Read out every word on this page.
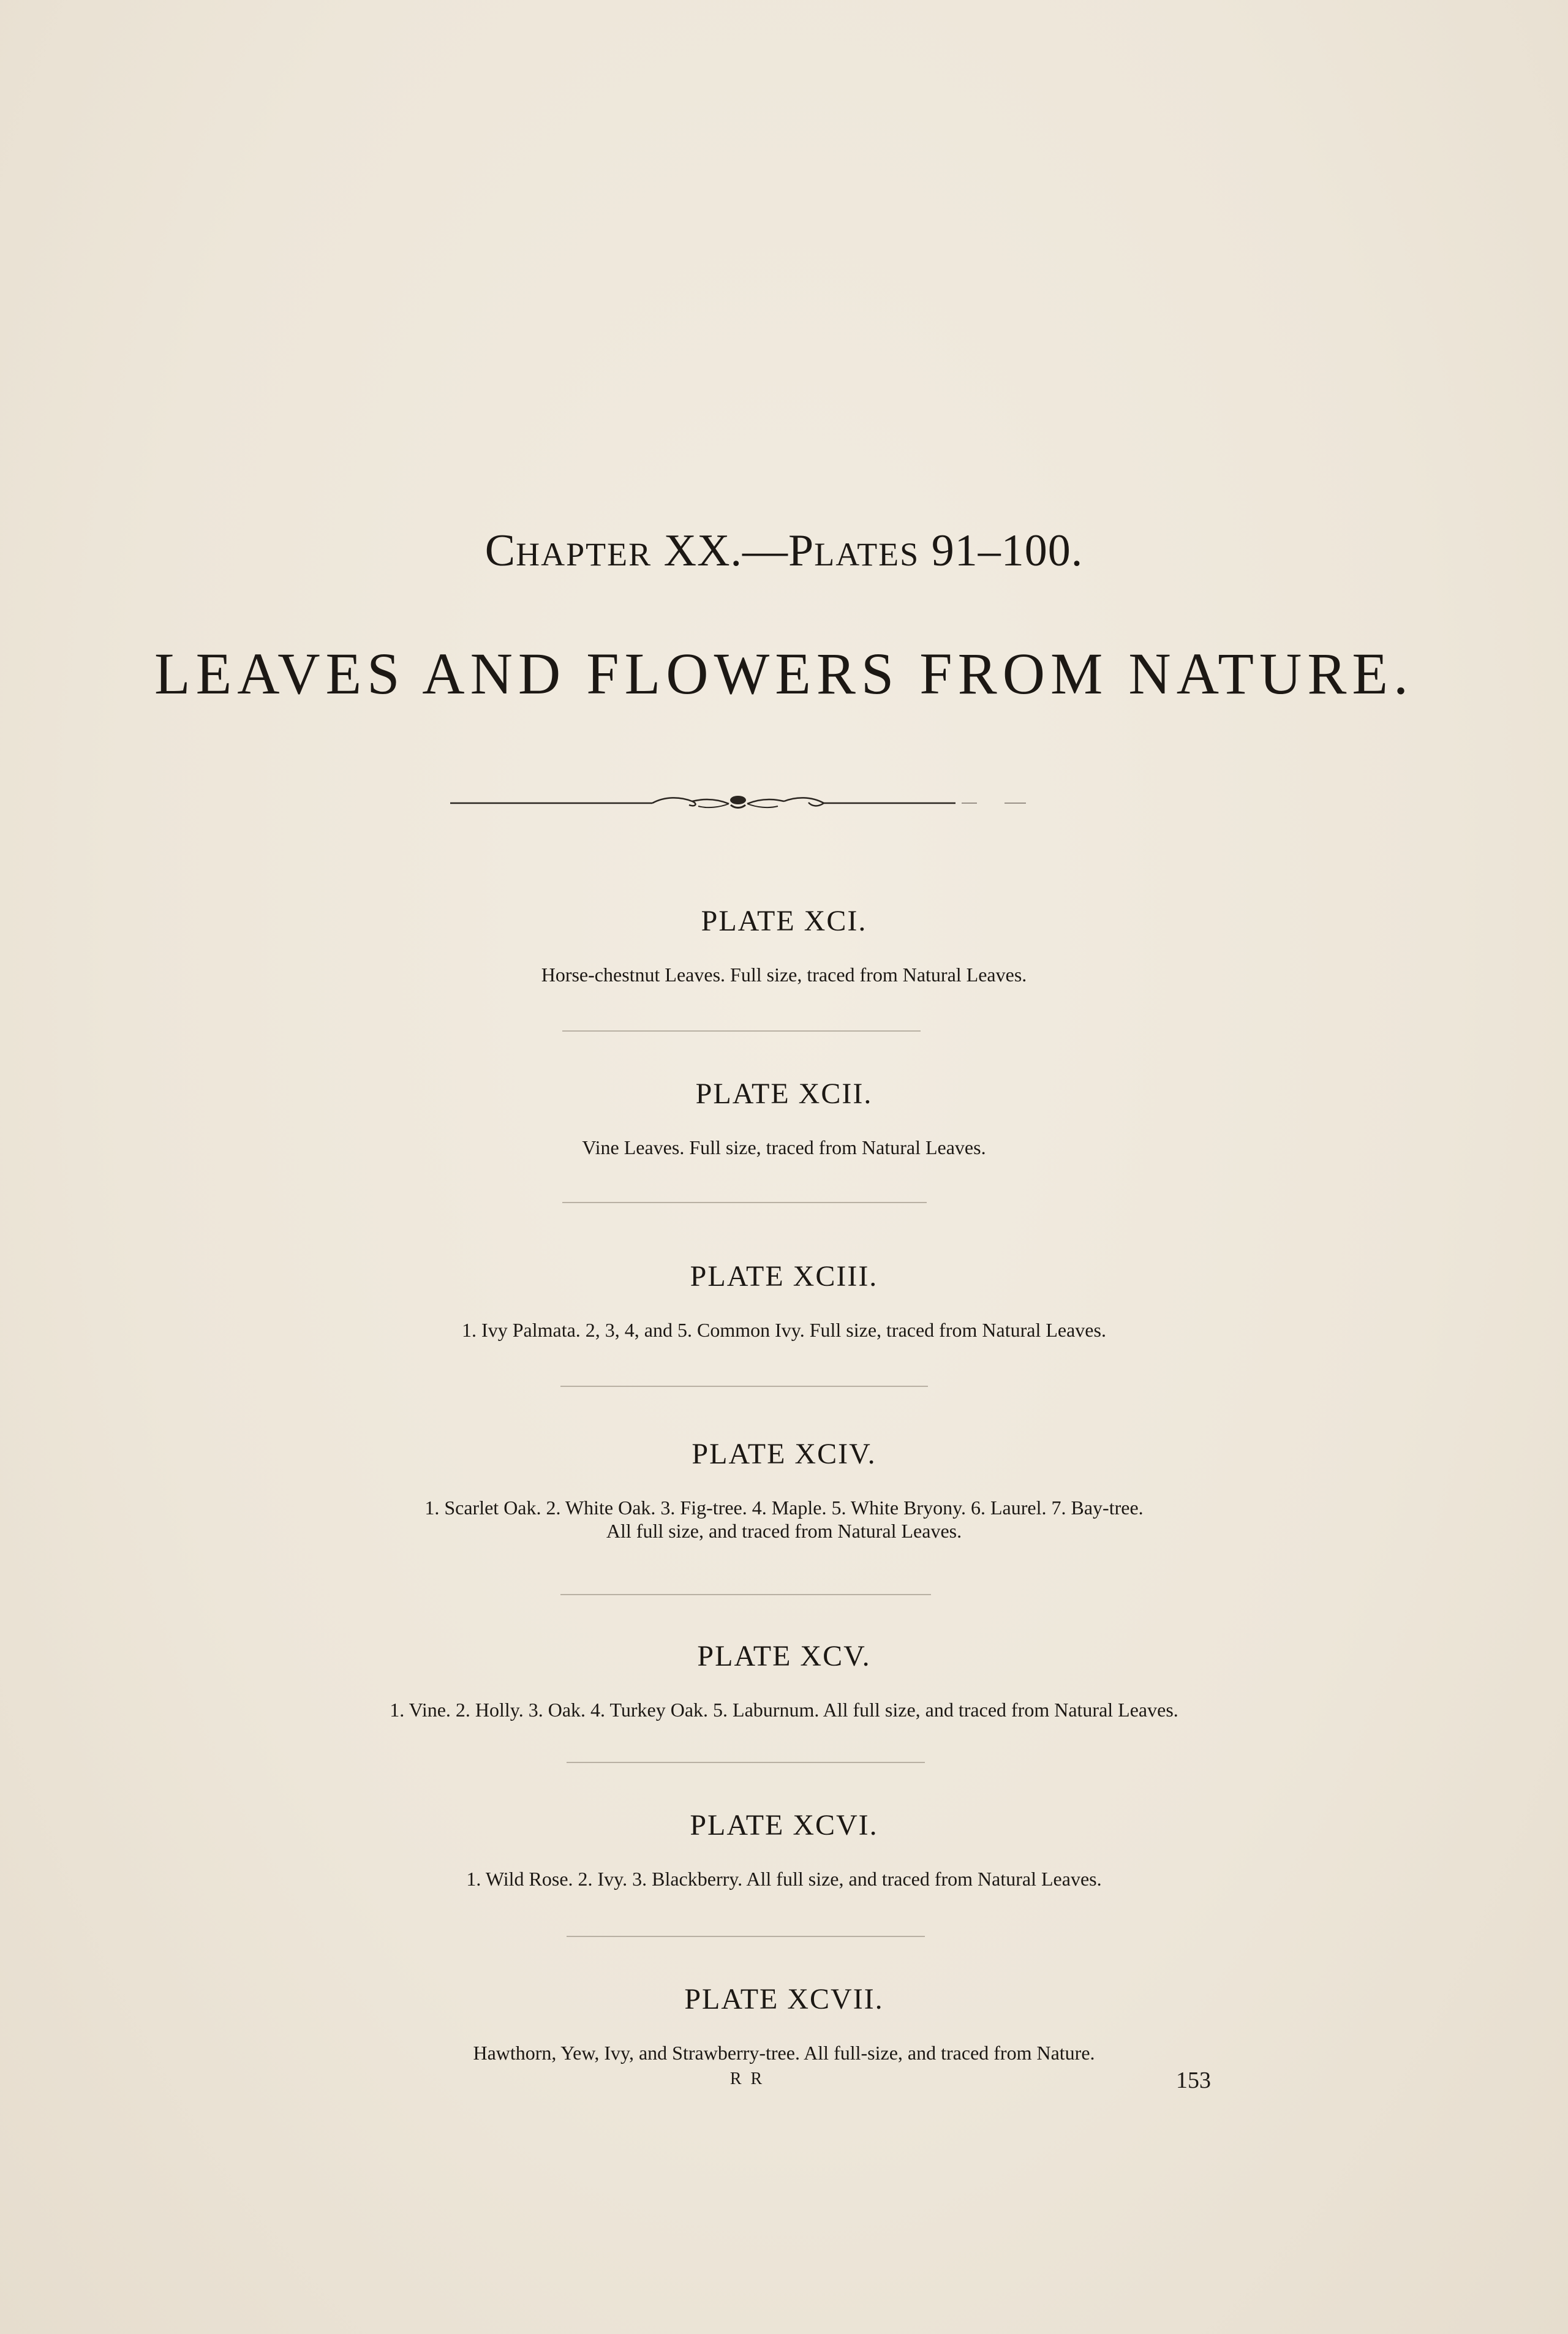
CHAPTER XX.—PLATES 91–100.
LEAVES AND FLOWERS FROM NATURE.
PLATE XCI.
Horse-chestnut Leaves. Full size, traced from Natural Leaves.
PLATE XCII.
Vine Leaves. Full size, traced from Natural Leaves.
PLATE XCIII.
1. Ivy Palmata. 2, 3, 4, and 5. Common Ivy. Full size, traced from Natural Leaves.
PLATE XCIV.
1. Scarlet Oak. 2. White Oak. 3. Fig-tree. 4. Maple. 5. White Bryony. 6. Laurel. 7. Bay-tree.
All full size, and traced from Natural Leaves.
PLATE XCV.
1. Vine. 2. Holly. 3. Oak. 4. Turkey Oak. 5. Laburnum. All full size, and traced from Natural Leaves.
PLATE XCVI.
1. Wild Rose. 2. Ivy. 3. Blackberry. All full size, and traced from Natural Leaves.
PLATE XCVII.
Hawthorn, Yew, Ivy, and Strawberry-tree. All full-size, and traced from Nature.
R R	153
